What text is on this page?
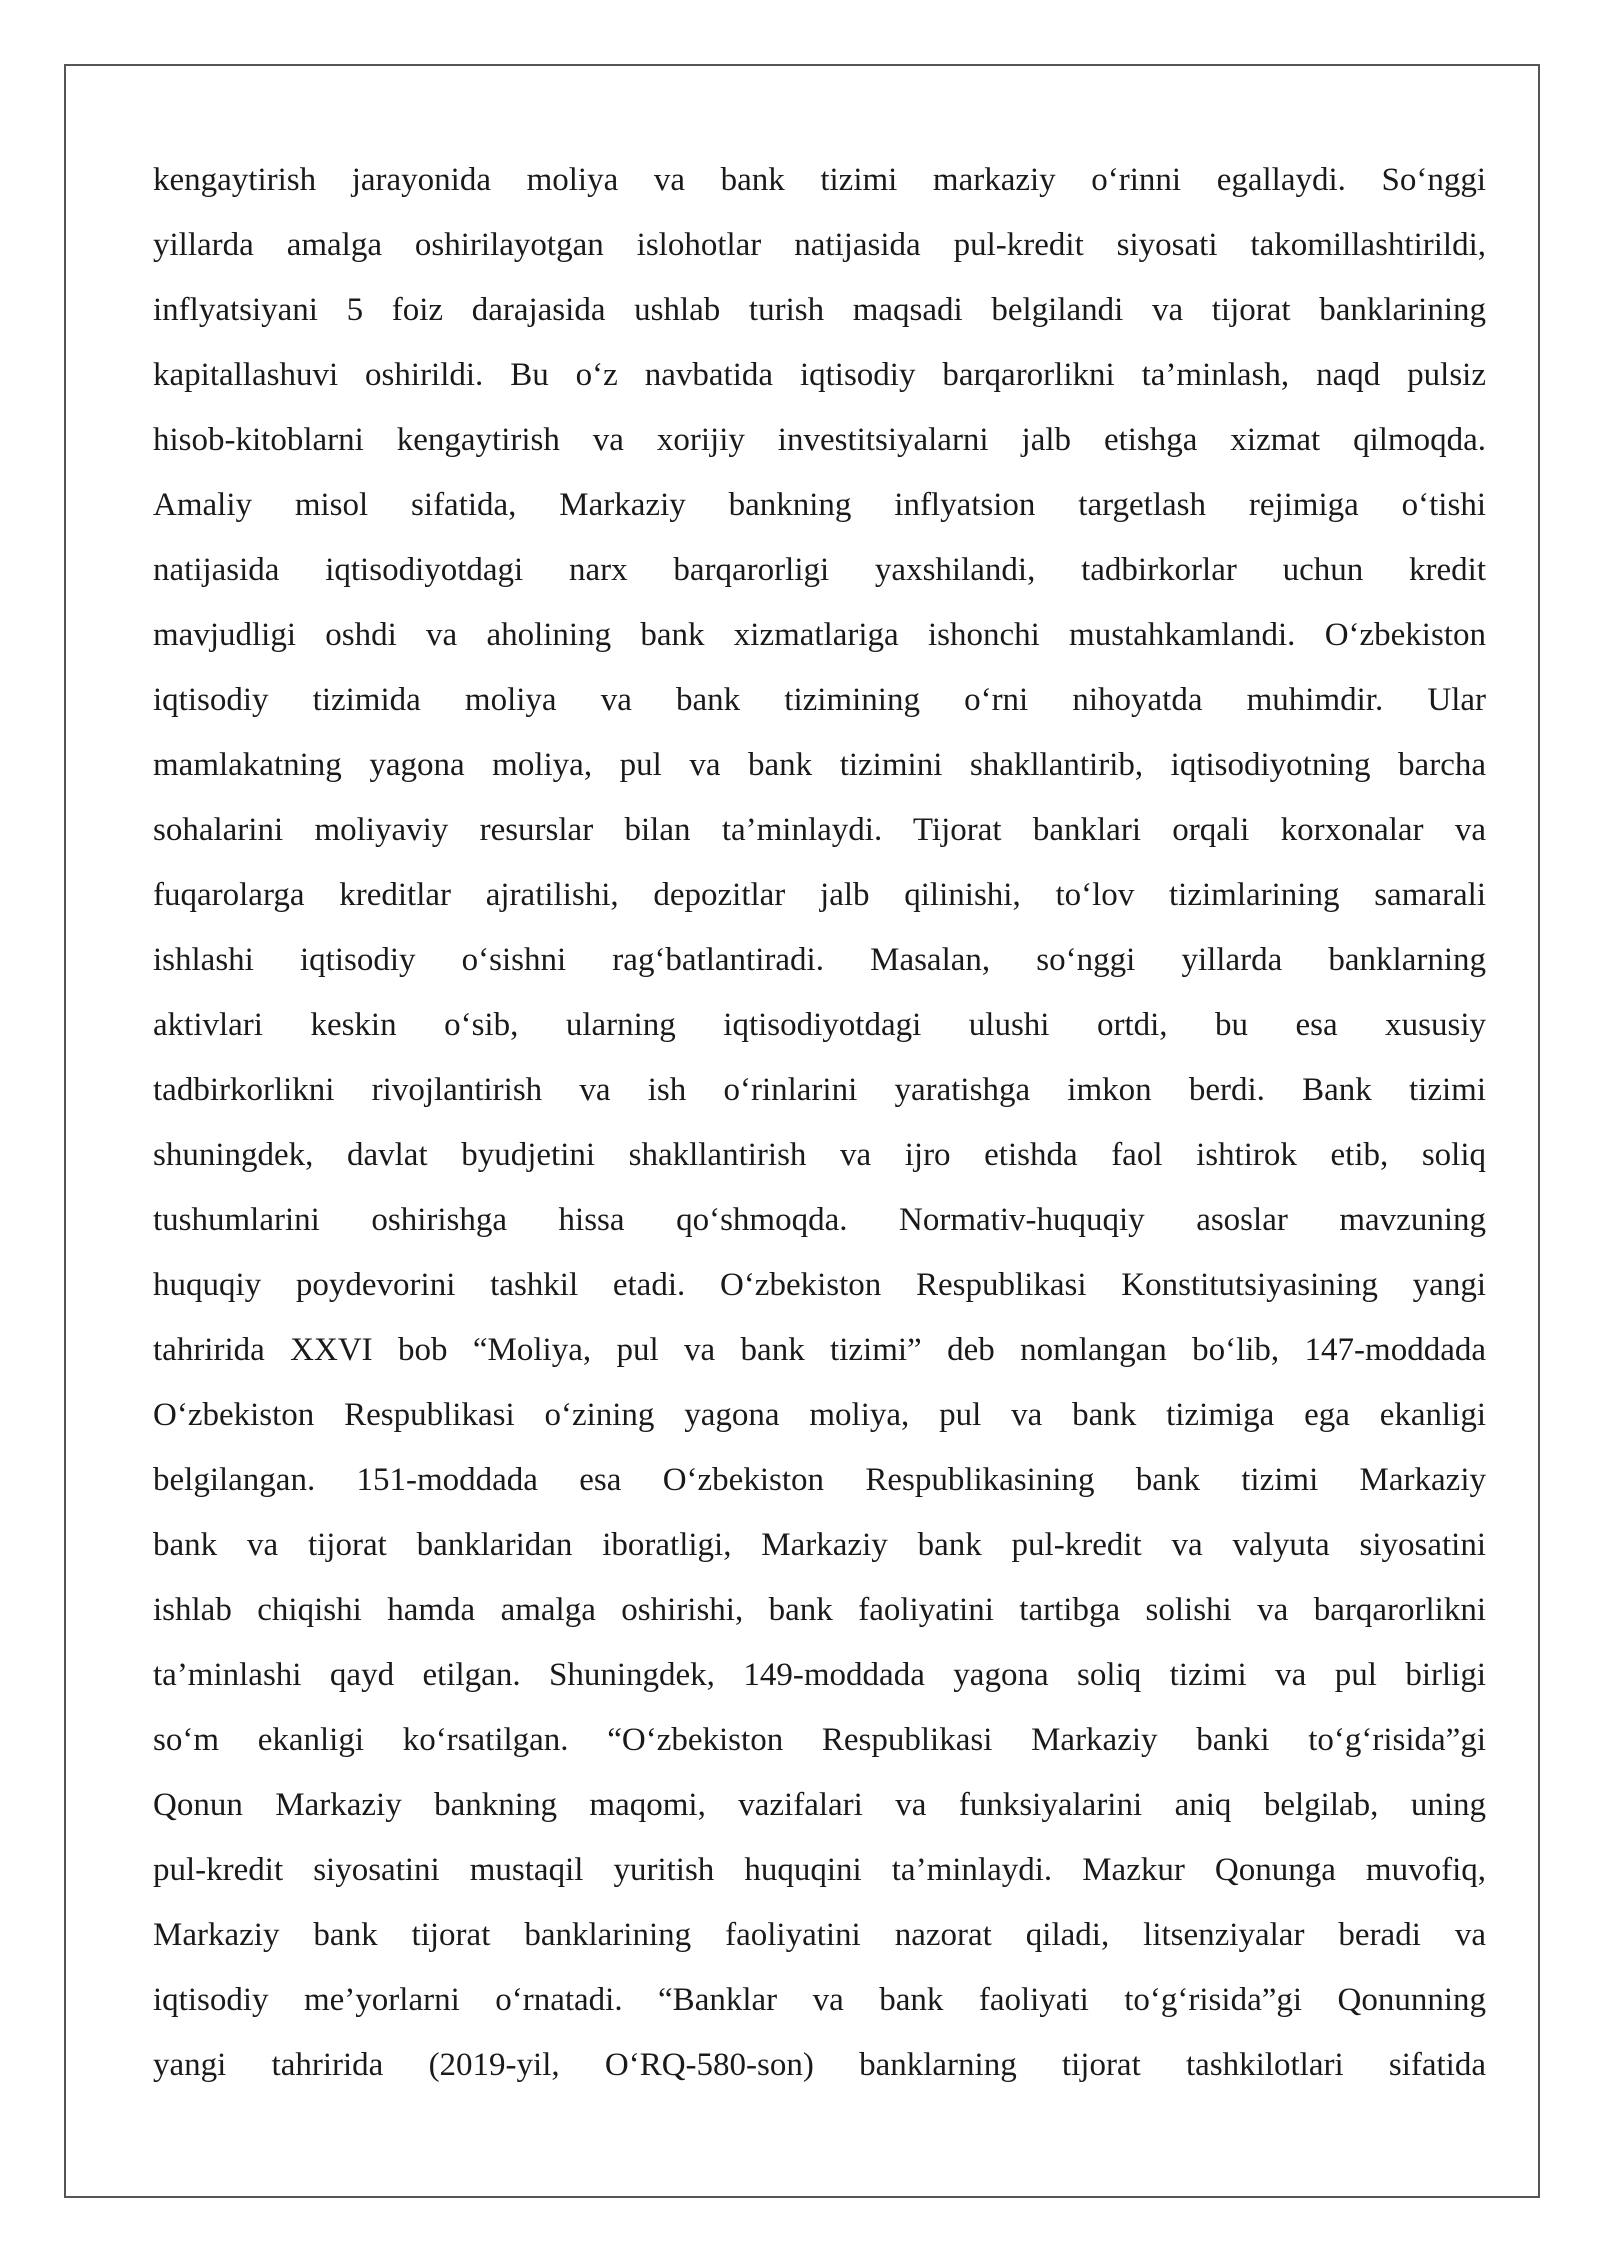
kengaytirish jarayonida moliya va bank tizimi markaziy o‘rinni egallaydi. So‘nggi
yillarda amalga oshirilayotgan islohotlar natijasida pul-kredit siyosati takomillashtirildi,
inflyatsiyani 5 foiz darajasida ushlab turish maqsadi belgilandi va tijorat banklarining
kapitallashuvi oshirildi. Bu o‘z navbatida iqtisodiy barqarorlikni ta’minlash, naqd pulsiz
hisob-kitoblarni kengaytirish va xorijiy investitsiyalarni jalb etishga xizmat qilmoqda.
Amaliy misol sifatida, Markaziy bankning inflyatsion targetlash rejimiga o‘tishi
natijasida iqtisodiyotdagi narx barqarorligi yaxshilandi, tadbirkorlar uchun kredit
mavjudligi oshdi va aholining bank xizmatlariga ishonchi mustahkamlandi. O‘zbekiston
iqtisodiy tizimida moliya va bank tizimining o‘rni nihoyatda muhimdir. Ular
mamlakatning yagona moliya, pul va bank tizimini shakllantirib, iqtisodiyotning barcha
sohalarini moliyaviy resurslar bilan ta’minlaydi. Tijorat banklari orqali korxonalar va
fuqarolarga kreditlar ajratilishi, depozitlar jalb qilinishi, to‘lov tizimlarining samarali
ishlashi iqtisodiy o‘sishni rag‘batlantiradi. Masalan, so‘nggi yillarda banklarning
aktivlari keskin o‘sib, ularning iqtisodiyotdagi ulushi ortdi, bu esa xususiy
tadbirkorlikni rivojlantirish va ish o‘rinlarini yaratishga imkon berdi. Bank tizimi
shuningdek, davlat byudjetini shakllantirish va ijro etishda faol ishtirok etib, soliq
tushumlarini oshirishga hissa qo‘shmoqda. Normativ-huquqiy asoslar mavzuning
huquqiy poydevorini tashkil etadi. O‘zbekiston Respublikasi Konstitutsiyasining yangi
tahririda XXVI bob “Moliya, pul va bank tizimi” deb nomlangan bo‘lib, 147-moddada
O‘zbekiston Respublikasi o‘zining yagona moliya, pul va bank tizimiga ega ekanligi
belgilangan. 151-moddada esa O‘zbekiston Respublikasining bank tizimi Markaziy
bank va tijorat banklaridan iboratligi, Markaziy bank pul-kredit va valyuta siyosatini
ishlab chiqishi hamda amalga oshirishi, bank faoliyatini tartibga solishi va barqarorlikni
ta’minlashi qayd etilgan. Shuningdek, 149-moddada yagona soliq tizimi va pul birligi
so‘m ekanligi ko‘rsatilgan. “O‘zbekiston Respublikasi Markaziy banki to‘g‘risida”gi
Qonun Markaziy bankning maqomi, vazifalari va funksiyalarini aniq belgilab, uning
pul-kredit siyosatini mustaqil yuritish huquqini ta’minlaydi. Mazkur Qonunga muvofiq,
Markaziy bank tijorat banklarining faoliyatini nazorat qiladi, litsenziyalar beradi va
iqtisodiy me’yorlarni o‘rnatadi. “Banklar va bank faoliyati to‘g‘risida”gi Qonunning
yangi tahririda (2019-yil, O‘RQ-580-son) banklarning tijorat tashkilotlari sifatida
